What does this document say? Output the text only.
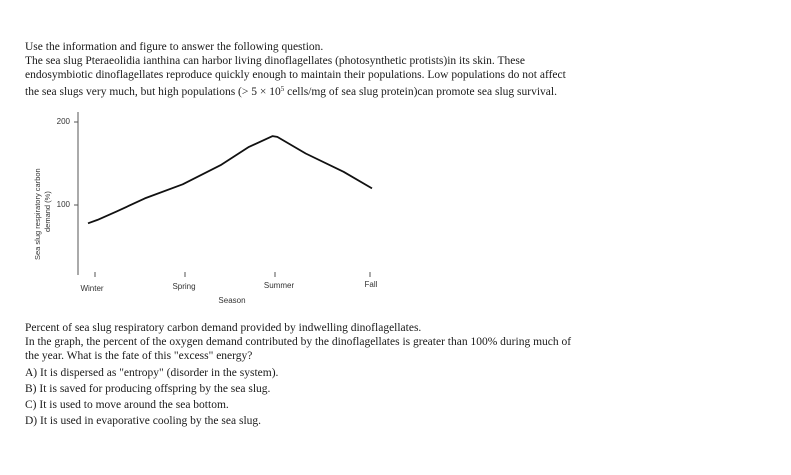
Use the information and figure to answer the following question.
The sea slug Pteraeolidia ianthina can harbor living dinoflagellates (photosynthetic protists)in its skin. These
endosymbiotic dinoflagellates reproduce quickly enough to maintain their populations. Low populations do not affect
the sea slugs very much, but high populations (> $5 \times 10^5$ cells/mg of sea slug protein)can promote sea slug survival.
200
100
Winter	Spring	Summer	Fall
Season
Sea slug respiratory carbon demand (%)
Percent of sea slug respiratory carbon demand provided by indwelling dinoflagellates.
In the graph, the percent of the oxygen demand contributed by the dinoflagellates is greater than 100% during much of
the year. What is the fate of this "excess" energy?
A) It is dispersed as "entropy" (disorder in the system).
B) It is saved for producing offspring by the sea slug.
C) It is used to move around the sea bottom.
D) It is used in evaporative cooling by the sea slug.
